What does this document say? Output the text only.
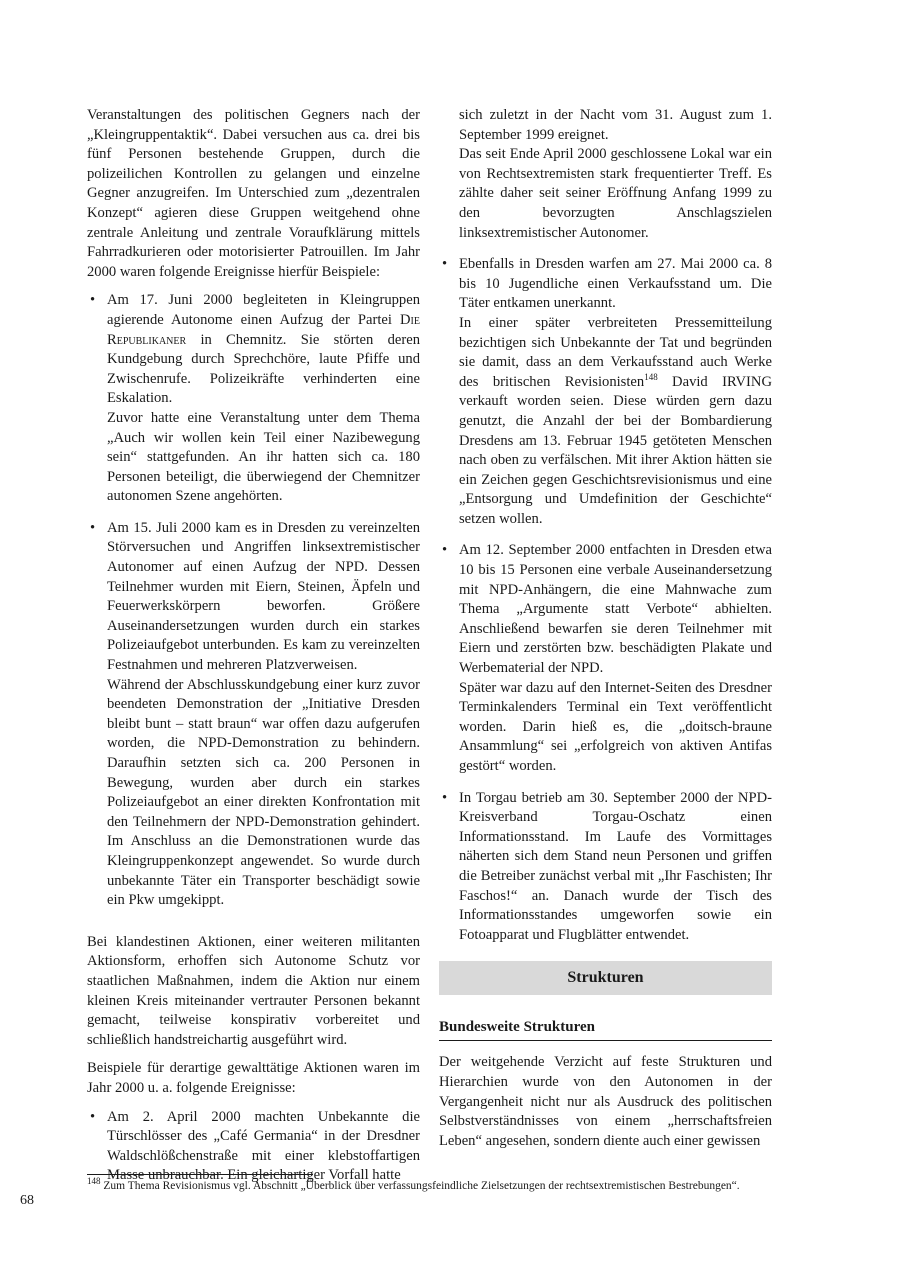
Veranstaltungen des politischen Gegners nach der „Kleingruppentaktik“. Dabei versuchen aus ca. drei bis fünf Personen bestehende Gruppen, durch die polizeilichen Kontrollen zu gelangen und einzelne Gegner anzugreifen. Im Unterschied zum „dezentralen Konzept“ agieren diese Gruppen weitgehend ohne zentrale Anleitung und zentrale Voraufklärung mittels Fahrradkurieren oder motorisierter Patrouillen. Im Jahr 2000 waren folgende Ereignisse hierfür Beispiele:

• Am 17. Juni 2000 begleiteten in Kleingruppen agierende Autonome einen Aufzug der Partei Die Republikaner in Chemnitz. Sie störten deren Kundgebung durch Sprechchöre, laute Pfiffe und Zwischenrufe. Polizeikräfte verhinderten eine Eskalation.

Zuvor hatte eine Veranstaltung unter dem Thema „Auch wir wollen kein Teil einer Nazibewegung sein“ stattgefunden. An ihr hatten sich ca. 180 Personen beteiligt, die überwiegend der Chemnitzer autonomen Szene angehörten.

• Am 15. Juli 2000 kam es in Dresden zu vereinzelten Störversuchen und Angriffen linksextremistischer Autonomer auf einen Aufzug der NPD. Dessen Teilnehmer wurden mit Eiern, Steinen, Äpfeln und Feuerwerkskörpern beworfen. Größere Auseinandersetzungen wurden durch ein starkes Polizeiaufgebot unterbunden. Es kam zu vereinzelten Festnahmen und mehreren Platzverweisen.

Während der Abschlusskundgebung einer kurz zuvor beendeten Demonstration der „Initiative Dresden bleibt bunt – statt braun“ war offen dazu aufgerufen worden, die NPD-Demonstration zu behindern. Daraufhin setzten sich ca. 200 Personen in Bewegung, wurden aber durch ein starkes Polizeiaufgebot an einer direkten Konfrontation mit den Teilnehmern der NPD-Demonstration gehindert. Im Anschluss an die Demonstrationen wurde das Kleingruppenkonzept angewendet. So wurde durch unbekannte Täter ein Transporter beschädigt sowie ein Pkw umgekippt.

Bei klandestinen Aktionen, einer weiteren militanten Aktionsform, erhoffen sich Autonome Schutz vor staatlichen Maßnahmen, indem die Aktion nur einem kleinen Kreis miteinander vertrauter Personen bekannt gemacht, teilweise konspirativ vorbereitet und schließlich handstreichartig ausgeführt wird.

Beispiele für derartige gewalttätige Aktionen waren im Jahr 2000 u. a. folgende Ereignisse:

• Am 2. April 2000 machten Unbekannte die Türschlösser des „Café Germania“ in der Dresdner Waldschlößchenstraße mit einer klebstoffartigen Masse unbrauchbar. Ein gleichartiger Vorfall hatte

sich zuletzt in der Nacht vom 31. August zum 1. September 1999 ereignet.

Das seit Ende April 2000 geschlossene Lokal war ein von Rechtsextremisten stark frequentierter Treff. Es zählte daher seit seiner Eröffnung Anfang 1999 zu den bevorzugten Anschlagszielen linksextremistischer Autonomer.

• Ebenfalls in Dresden warfen am 27. Mai 2000 ca. 8 bis 10 Jugendliche einen Verkaufsstand um. Die Täter entkamen unerkannt.

In einer später verbreiteten Pressemitteilung bezichtigen sich Unbekannte der Tat und begründen sie damit, dass an dem Verkaufsstand auch Werke des britischen Revisionisten$^{148}$ David IRVING verkauft worden seien. Diese würden gern dazu genutzt, die Anzahl der bei der Bombardierung Dresdens am 13. Februar 1945 getöteten Menschen nach oben zu verfälschen. Mit ihrer Aktion hätten sie ein Zeichen gegen Geschichtsrevisionismus und eine „Entsorgung und Umdefinition der Geschichte“ setzen wollen.

• Am 12. September 2000 entfachten in Dresden etwa 10 bis 15 Personen eine verbale Auseinandersetzung mit NPD-Anhängern, die eine Mahnwache zum Thema „Argumente statt Verbote“ abhielten. Anschließend bewarfen sie deren Teilnehmer mit Eiern und zerstörten bzw. beschädigten Plakate und Werbematerial der NPD.

Später war dazu auf den Internet-Seiten des Dresdner Terminkalenders Terminal ein Text veröffentlicht worden. Darin hieß es, die „doitsch-braune Ansammlung“ sei „erfolgreich von aktiven Antifas gestört“ worden.

• In Torgau betrieb am 30. September 2000 der NPD-Kreisverband Torgau-Oschatz einen Informationsstand. Im Laufe des Vormittages näherten sich dem Stand neun Personen und griffen die Betreiber zunächst verbal mit „Ihr Faschisten; Ihr Faschos!“ an. Danach wurde der Tisch des Informationsstandes umgeworfen sowie ein Fotoapparat und Flugblätter entwendet.

Strukturen
Bundesweite Strukturen

Der weitgehende Verzicht auf feste Strukturen und Hierarchien wurde von den Autonomen in der Vergangenheit nicht nur als Ausdruck des politischen Selbstverständnisses von einem „herrschaftsfreien Leben“ angesehen, sondern diente auch einer gewissen

$^{148}$ Zum Thema Revisionismus vgl. Abschnitt „Überblick über verfassungsfeindliche Zielsetzungen der rechtsextremistischen Bestrebungen“.
68
